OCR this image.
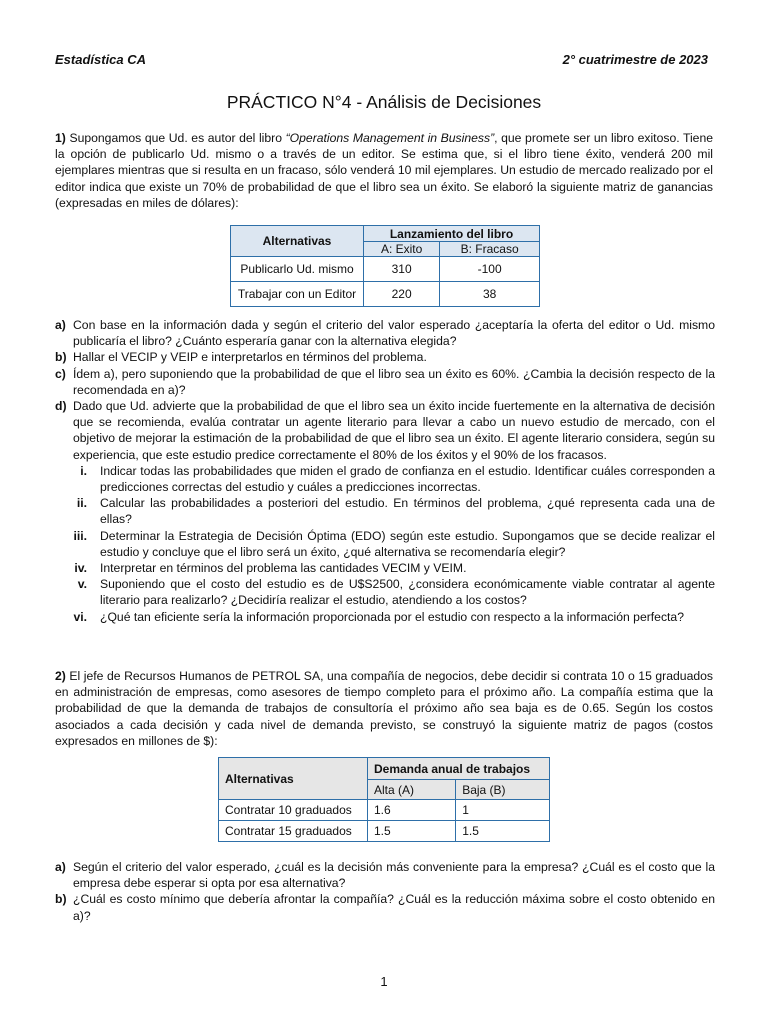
Estadística CA	2° cuatrimestre de 2023
PRÁCTICO N°4 - Análisis de Decisiones
1) Supongamos que Ud. es autor del libro “Operations Management in Business”, que promete ser un libro exitoso. Tiene la opción de publicarlo Ud. mismo o a través de un editor. Se estima que, si el libro tiene éxito, venderá 200 mil ejemplares mientras que si resulta en un fracaso, sólo venderá 10 mil ejemplares. Un estudio de mercado realizado por el editor indica que existe un 70% de probabilidad de que el libro sea un éxito. Se elaboró la siguiente matriz de ganancias (expresadas en miles de dólares):
Alternativas	Lanzamiento del libro	
	A: Exito	B: Fracaso
Publicarlo Ud. mismo	310	-100
Trabajar con un Editor	220	38
a) Con base en la información dada y según el criterio del valor esperado ¿aceptaría la oferta del editor o Ud. mismo publicaría el libro? ¿Cuánto esperaría ganar con la alternativa elegida?
b) Hallar el VECIP y VEIP e interpretarlos en términos del problema.
c) Ídem a), pero suponiendo que la probabilidad de que el libro sea un éxito es 60%. ¿Cambia la decisión respecto de la recomendada en a)?
d) Dado que Ud. advierte que la probabilidad de que el libro sea un éxito incide fuertemente en la alternativa de decisión que se recomienda, evalúa contratar un agente literario para llevar a cabo un nuevo estudio de mercado, con el objetivo de mejorar la estimación de la probabilidad de que el libro sea un éxito. El agente literario considera, según su experiencia, que este estudio predice correctamente el 80% de los éxitos y el 90% de los fracasos.
i.	Indicar todas las probabilidades que miden el grado de confianza en el estudio. Identificar cuáles corresponden a predicciones correctas del estudio y cuáles a predicciones incorrectas.
ii.	Calcular las probabilidades a posteriori del estudio. En términos del problema, ¿qué representa cada una de ellas?
iii.	Determinar la Estrategia de Decisión Óptima (EDO) según este estudio. Supongamos que se decide realizar el estudio y concluye que el libro será un éxito, ¿qué alternativa se recomendaría elegir?
iv.	Interpretar en términos del problema las cantidades VECIM y VEIM.
v.	Suponiendo que el costo del estudio es de U$S2500, ¿considera económicamente viable contratar al agente literario para realizarlo? ¿Decidiría realizar el estudio, atendiendo a los costos?
vi.	¿Qué tan eficiente sería la información proporcionada por el estudio con respecto a la información perfecta?
2) El jefe de Recursos Humanos de PETROL SA, una compañía de negocios, debe decidir si contrata 10 o 15 graduados en administración de empresas, como asesores de tiempo completo para el próximo año. La compañía estima que la probabilidad de que la demanda de trabajos de consultoría el próximo año sea baja es de 0.65. Según los costos asociados a cada decisión y cada nivel de demanda previsto, se construyó la siguiente matriz de pagos (costos expresados en millones de $):
Alternativas	Demanda anual de trabajos	
	Alta (A)	Baja (B)
Contratar 10 graduados	1.6	1
Contratar 15 graduados	1.5	1.5
a) Según el criterio del valor esperado, ¿cuál es la decisión más conveniente para la empresa? ¿Cuál es el costo que la empresa debe esperar si opta por esa alternativa?
b) ¿Cuál es costo mínimo que debería afrontar la compañía? ¿Cuál es la reducción máxima sobre el costo obtenido en a)?
1
